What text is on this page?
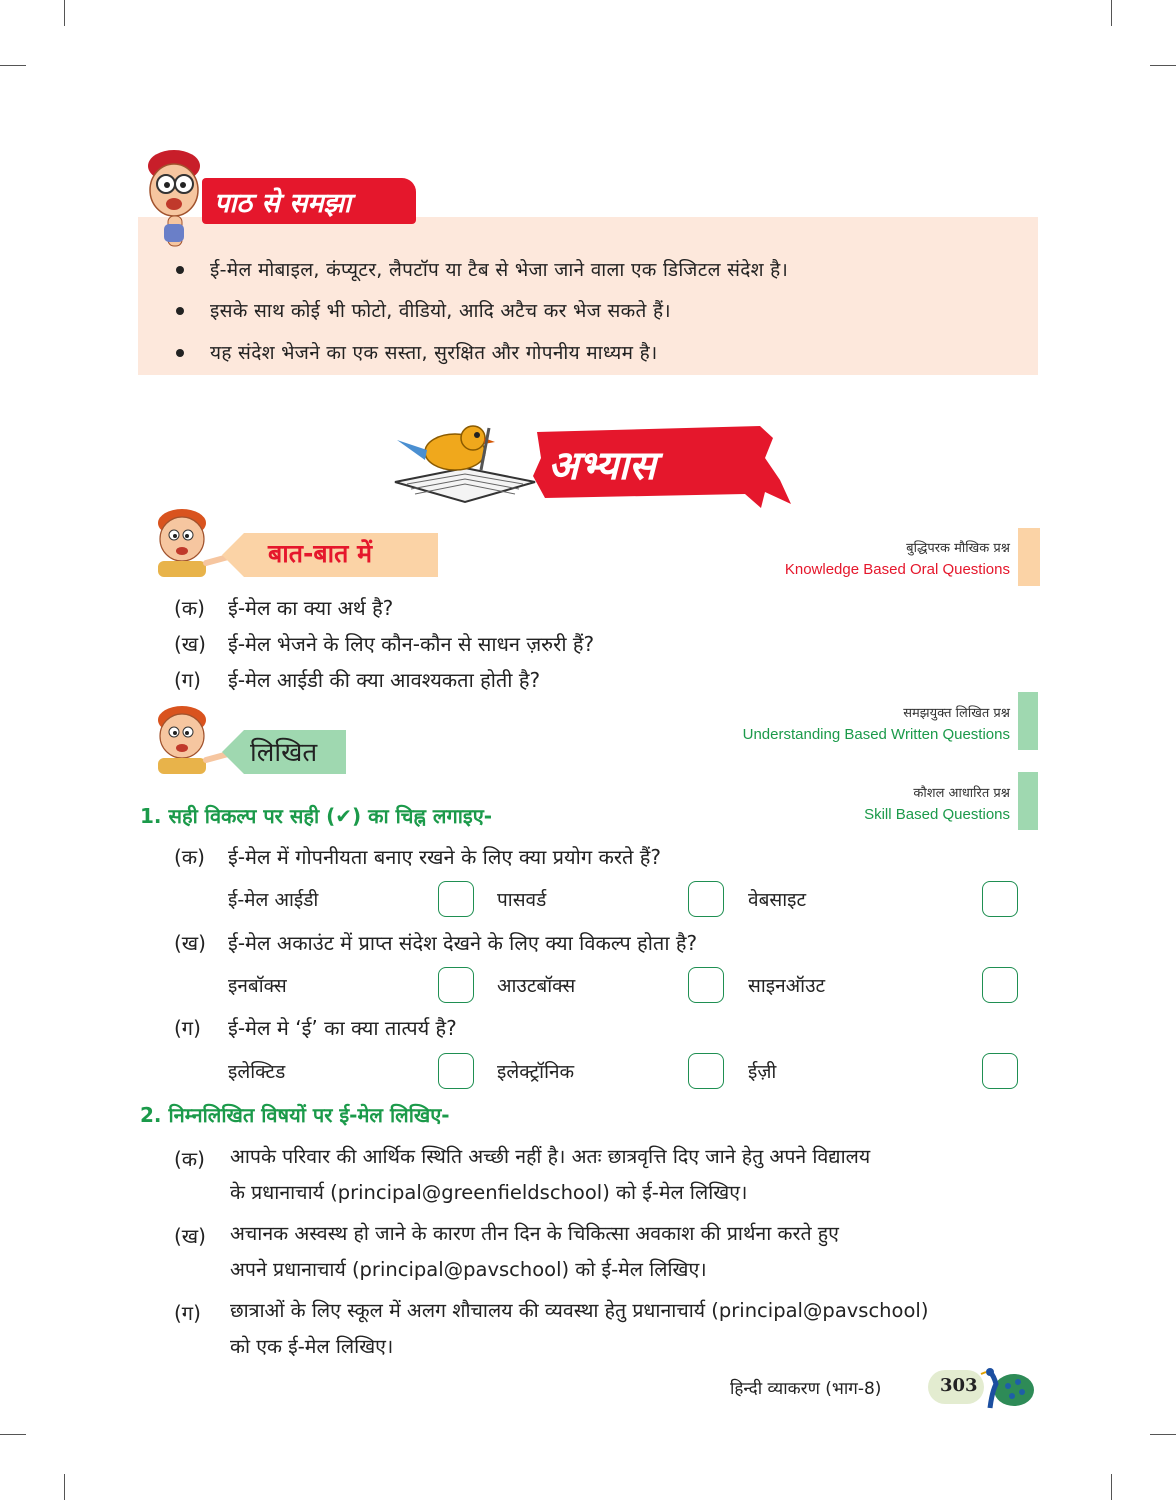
पाठ से समझा
ई-मेल मोबाइल, कंप्यूटर, लैपटॉप या टैब से भेजा जाने वाला एक डिजिटल संदेश है।
इसके साथ कोई भी फोटो, वीडियो, आदि अटैच कर भेज सकते हैं।
यह संदेश भेजने का एक सस्ता, सुरक्षित और गोपनीय माध्यम है।
अभ्यास
बात-बात में	बुद्धिपरक मौखिक प्रश्न
Knowledge Based Oral Questions
(क) ई-मेल का क्या अर्थ है?
(ख) ई-मेल भेजने के लिए कौन-कौन से साधन ज़रुरी हैं?
(ग) ई-मेल आईडी की क्या आवश्यकता होती है?
लिखित
समझयुक्त लिखित प्रश्न
Understanding Based Written Questions
कौशल आधारित प्रश्न
Skill Based Questions
1. सही विकल्प पर सही (✔) का चिह्न लगाइए-
(क) ई-मेल में गोपनीयता बनाए रखने के लिए क्या प्रयोग करते हैं?
ई-मेल आईडी	पासवर्ड	वेबसाइट
(ख) ई-मेल अकाउंट में प्राप्त संदेश देखने के लिए क्या विकल्प होता है?
इनबॉक्स	आउटबॉक्स	साइनऑउट
(ग) ई-मेल मे ‘ई’ का क्या तात्पर्य है?
इलेक्टिड	इलेक्ट्रॉनिक	ईज़ी
2. निम्नलिखित विषयों पर ई-मेल लिखिए-
(क) आपके परिवार की आर्थिक स्थिति अच्छी नहीं है। अतः छात्रवृत्ति दिए जाने हेतु अपने विद्यालय
के प्रधानाचार्य (principal@greenfieldschool) को ई-मेल लिखिए।
(ख) अचानक अस्वस्थ हो जाने के कारण तीन दिन के चिकित्सा अवकाश की प्रार्थना करते हुए
अपने प्रधानाचार्य (principal@pavschool) को ई-मेल लिखिए।
(ग) छात्राओं के लिए स्कूल में अलग शौचालय की व्यवस्था हेतु प्रधानाचार्य (principal@pavschool)
को एक ई-मेल लिखिए।
हिन्दी व्याकरण (भाग-8)	303
